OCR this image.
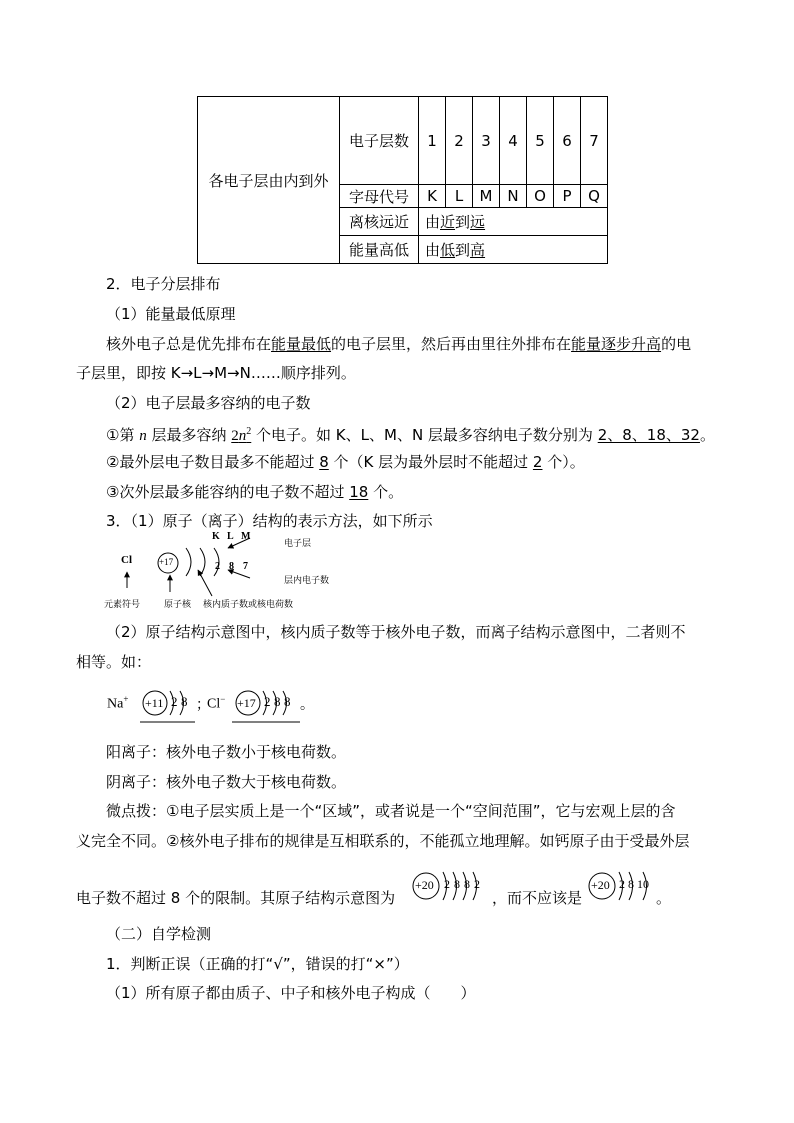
各电子层由内到外	电子层数	1	2	3	4	5	6	7
	字母代号	K	L	M	N	O	P	Q
	离核远近	由近到远						
	能量高低	由低到高						
2．电子分层排布
（1）能量最低原理
核外电子总是优先排布在能量最低的电子层里，然后再由里往外排布在能量逐步升高的电
子层里，即按 K→L→M→N……顺序排列。
（2）电子层最多容纳的电子数
①第 n 层最多容纳 $2n^2$ 个电子。如 K、L、M、N 层最多容纳电子数分别为 2、8、18、32。
②最外层电子数目最多不能超过 8 个（K 层为最外层时不能超过 2 个）。
③次外层最多能容纳的电子数不超过 18 个。
3．（1）原子（离子）结构的表示方法，如下所示
Cl	+17
K L M
2 8 7
电子层
层内电子数
元素符号	原子核 核内质子数或核电荷数
（2）原子结构示意图中，核内质子数等于核外电子数，而离子结构示意图中，二者则不
相等。如：
Na+ +11 2 8 ；
Cl− +17 2 8 8 。
阳离子：核外电子数小于核电荷数。
阴离子：核外电子数大于核电荷数。
微点拨：①电子层实质上是一个“区域”，或者说是一个“空间范围”，它与宏观上层的含
义完全不同。②核外电子排布的规律是互相联系的，不能孤立地理解。如钙原子由于受最外层
电子数不超过 8 个的限制。其原子结构示意图为
+20 2 8 8 2
，而不应该是
+20 2 8 10
。
（二）自学检测
1．判断正误（正确的打“√”，错误的打“×”）
（1）所有原子都由质子、中子和核外电子构成（　　）
